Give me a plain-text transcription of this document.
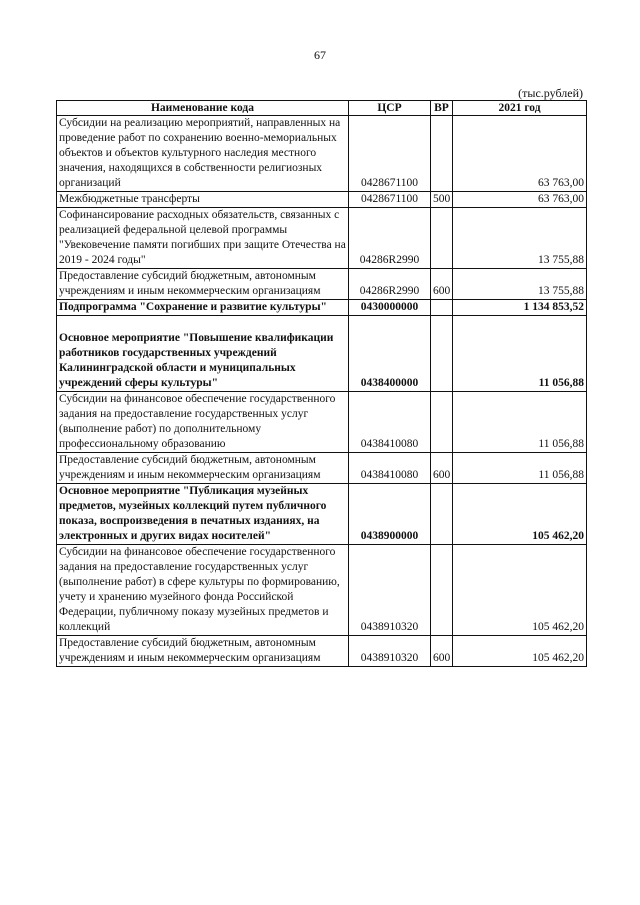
67
(тыс.рублей)
Наименование кода	ЦСР	ВР	2021 год
Субсидии на реализацию мероприятий, направленных на проведение работ по сохранению военно-мемориальных объектов и объектов культурного наследия местного значения, находящихся в собственности религиозных организаций	0428671100		63 763,00
Межбюджетные трансферты	0428671100	500	63 763,00
Софинансирование расходных обязательств, связанных с реализацией федеральной целевой программы "Увековечение памяти погибших при защите Отечества на 2019 - 2024 годы"	04286R2990		13 755,88
Предоставление субсидий бюджетным, автономным учреждениям и иным некоммерческим организациям	04286R2990	600	13 755,88
Подпрограмма "Сохранение и развитие культуры"	0430000000		1 134 853,52

Основное мероприятие "Повышение квалификации работников государственных учреждений Калининградской области и муниципальных учреждений сферы культуры"	0438400000		11 056,88
Субсидии на финансовое обеспечение государственного задания на предоставление государственных услуг (выполнение работ) по дополнительному профессиональному образованию	0438410080		11 056,88
Предоставление субсидий бюджетным, автономным учреждениям и иным некоммерческим организациям	0438410080	600	11 056,88
Основное мероприятие "Публикация музейных предметов, музейных коллекций путем публичного показа, воспроизведения в печатных изданиях, на электронных и других видах носителей"	0438900000		105 462,20
Субсидии на финансовое обеспечение государственного задания на предоставление государственных услуг (выполнение работ) в сфере культуры по формированию, учету и хранению музейного фонда Российской Федерации, публичному показу музейных предметов и коллекций	0438910320		105 462,20
Предоставление субсидий бюджетным, автономным учреждениям и иным некоммерческим организациям	0438910320	600	105 462,20
